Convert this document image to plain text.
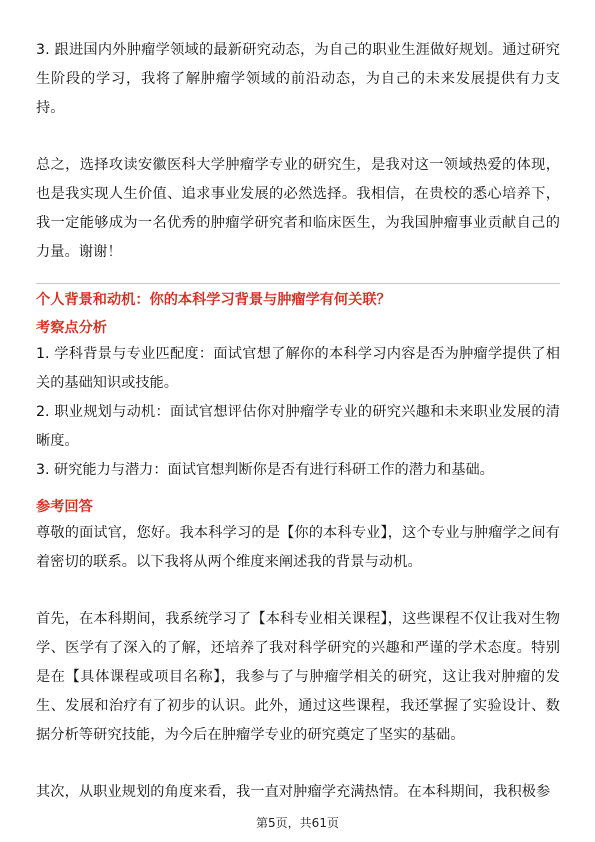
3. 跟进国内外肿瘤学领域的最新研究动态，为自己的职业生涯做好规划。通过研究生阶段的学习，我将了解肿瘤学领域的前沿动态，为自己的未来发展提供有力支持。

总之，选择攻读安徽医科大学肿瘤学专业的研究生，是我对这一领域热爱的体现，也是我实现人生价值、追求事业发展的必然选择。我相信，在贵校的悉心培养下，我一定能够成为一名优秀的肿瘤学研究者和临床医生，为我国肿瘤事业贡献自己的力量。谢谢！

个人背景和动机：你的本科学习背景与肿瘤学有何关联？

考察点分析

1. 学科背景与专业匹配度：面试官想了解你的本科学习内容是否为肿瘤学提供了相关的基础知识或技能。

2. 职业规划与动机：面试官想评估你对肿瘤学专业的研究兴趣和未来职业发展的清晰度。

3. 研究能力与潜力：面试官想判断你是否有进行科研工作的潜力和基础。

参考回答

尊敬的面试官，您好。我本科学习的是【你的本科专业】，这个专业与肿瘤学之间有着密切的联系。以下我将从两个维度来阐述我的背景与动机。

首先，在本科期间，我系统学习了【本科专业相关课程】，这些课程不仅让我对生物学、医学有了深入的了解，还培养了我对科学研究的兴趣和严谨的学术态度。特别是在【具体课程或项目名称】，我参与了与肿瘤学相关的研究，这让我对肿瘤的发生、发展和治疗有了初步的认识。此外，通过这些课程，我还掌握了实验设计、数据分析等研究技能，为今后在肿瘤学专业的研究奠定了坚实的基础。

其次，从职业规划的角度来看，我一直对肿瘤学充满热情。在本科期间，我积极参

第5页，共61页
